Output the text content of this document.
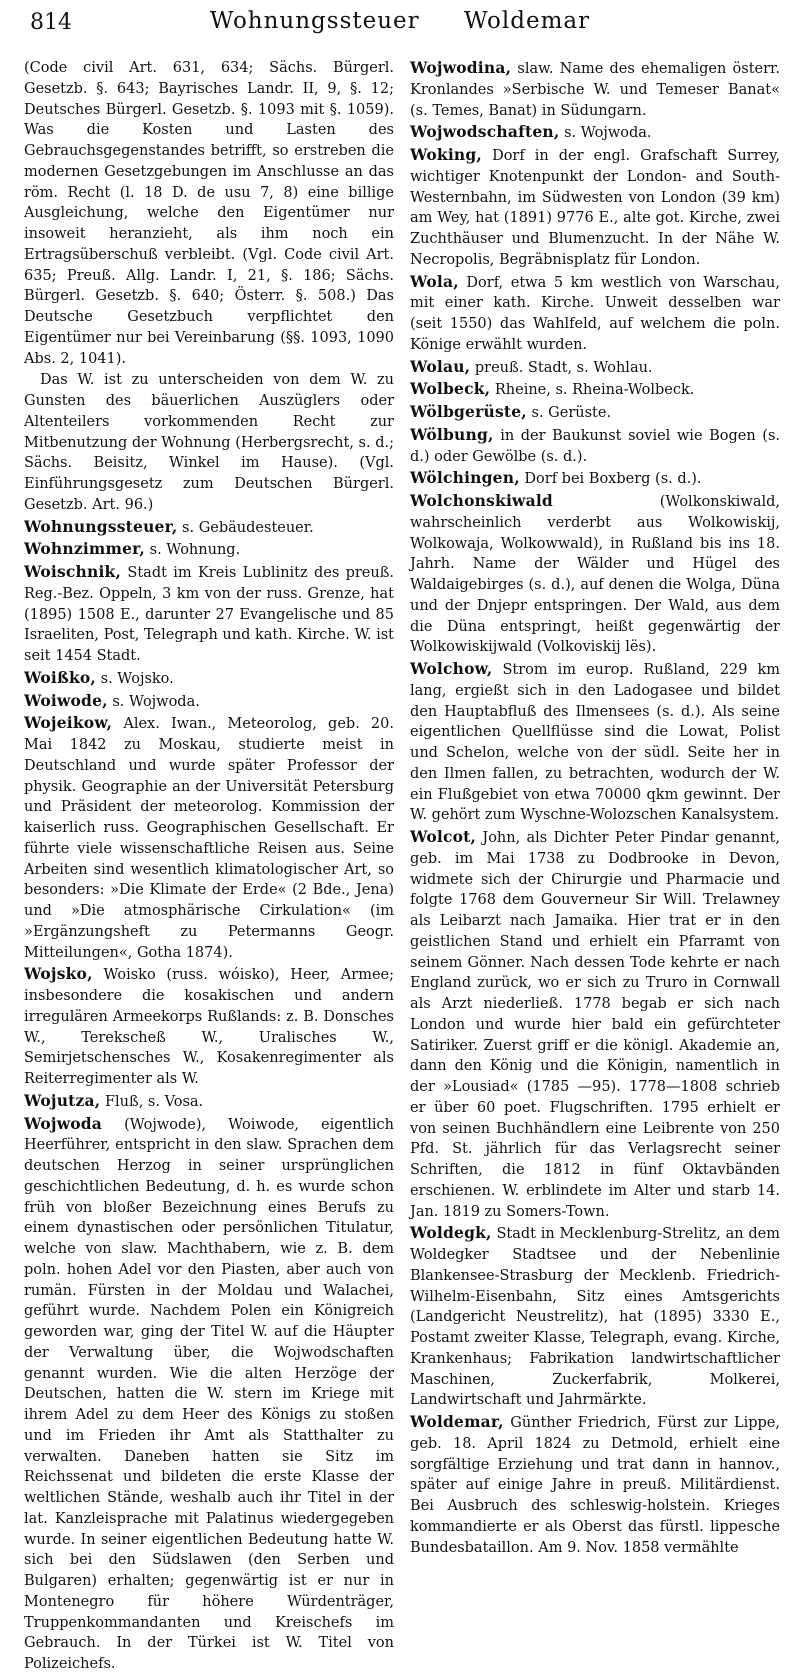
814	Wohnungssteuer Woldemar

(Code civil Art. 631, 634; Sächs. Bürgerl. Gesetzb. §. 643; Bayrisches Landr. II, 9, §. 12; Deutsches Bürgerl. Gesetzb. §. 1093 mit §. 1059). Was die Kosten und Lasten des Gebrauchsgegenstandes betrifft, so erstreben die modernen Gesetzgebungen im Anschlusse an das röm. Recht (l. 18 D. de usu 7, 8) eine billige Ausgleichung, welche den Eigentümer nur insoweit heranzieht, als ihm noch ein Ertragsüberschuß verbleibt. (Vgl. Code civil Art. 635; Preuß. Allg. Landr. I, 21, §. 186; Sächs. Bürgerl. Gesetzb. §. 640; Österr. §. 508.) Das Deutsche Gesetzbuch verpflichtet den Eigentümer nur bei Vereinbarung (§§. 1093, 1090 Abs. 2, 1041).

Das W. ist zu unterscheiden von dem W. zu Gunsten des bäuerlichen Auszüglers oder Altenteilers vorkommenden Recht zur Mitbenutzung der Wohnung (Herbergsrecht, s. d.; Sächs. Beisitz, Winkel im Hause). (Vgl. Einführungsgesetz zum Deutschen Bürgerl. Gesetzb. Art. 96.)

Wohnungssteuer, s. Gebäudesteuer.

Wohnzimmer, s. Wohnung.

Woischnik, Stadt im Kreis Lublinitz des preuß. Reg.-Bez. Oppeln, 3 km von der russ. Grenze, hat (1895) 1508 E., darunter 27 Evangelische und 85 Israeliten, Post, Telegraph und kath. Kirche. W. ist seit 1454 Stadt.

Woißko, s. Wojsko.

Woiwode, s. Wojwoda.

Wojeikow, Alex. Iwan., Meteorolog, geb. 20. Mai 1842 zu Moskau, studierte meist in Deutschland und wurde später Professor der physik. Geographie an der Universität Petersburg und Präsident der meteorolog. Kommission der kaiserlich russ. Geographischen Gesellschaft. Er führte viele wissenschaftliche Reisen aus. Seine Arbeiten sind wesentlich klimatologischer Art, so besonders: »Die Klimate der Erde« (2 Bde., Jena) und »Die atmosphärische Cirkulation« (im »Ergänzungsheft zu Petermanns Geogr. Mitteilungen«, Gotha 1874).

Wojsko, Woisko (russ. wóisko), Heer, Armee; insbesondere die kosakischen und andern irregulären Armeekorps Rußlands: z. B. Donsches W., Terekscheß W., Uralisches W., Semirjetschensches W., Kosakenregimenter als Reiterregimenter als W.

Wojutza, Fluß, s. Vosa.

Wojwoda (Wojwode), Woiwode, eigentlich Heerführer, entspricht in den slaw. Sprachen dem deutschen Herzog in seiner ursprünglichen geschichtlichen Bedeutung, d. h. es wurde schon früh von bloßer Bezeichnung eines Berufs zu einem dynastischen oder persönlichen Titulatur, welche von slaw. Machthabern, wie z. B. dem poln. hohen Adel vor den Piasten, aber auch von rumän. Fürsten in der Moldau und Walachei, geführt wurde. Nachdem Polen ein Königreich geworden war, ging der Titel W. auf die Häupter der Verwaltung über, die Wojwodschaften genannt wurden. Wie die alten Herzöge der Deutschen, hatten die W. stern im Kriege mit ihrem Adel zu dem Heer des Königs zu stoßen und im Frieden ihr Amt als Statthalter zu verwalten. Daneben hatten sie Sitz im Reichssenat und bildeten die erste Klasse der weltlichen Stände, weshalb auch ihr Titel in der lat. Kanzleisprache mit Palatinus wiedergegeben wurde. In seiner eigentlichen Bedeutung hatte W. sich bei den Südslawen (den Serben und Bulgaren) erhalten; gegenwärtig ist er nur in Montenegro für höhere Würdenträger, Truppenkommandanten und Kreischefs im Gebrauch. In der Türkei ist W. Titel von Polizeichefs.

Wojwodina, slaw. Name des ehemaligen österr. Kronlandes »Serbische W. und Temeser Banat« (s. Temes, Banat) in Südungarn.

Wojwodschaften, s. Wojwoda.

Woking, Dorf in der engl. Grafschaft Surrey, wichtiger Knotenpunkt der London- and South-Westernbahn, im Südwesten von London (39 km) am Wey, hat (1891) 9776 E., alte got. Kirche, zwei Zuchthäuser und Blumenzucht. In der Nähe W. Necropolis, Begräbnisplatz für London.

Wola, Dorf, etwa 5 km westlich von Warschau, mit einer kath. Kirche. Unweit desselben war (seit 1550) das Wahlfeld, auf welchem die poln. Könige erwählt wurden.

Wolau, preuß. Stadt, s. Wohlau.

Wolbeck, Rheine, s. Rheina-Wolbeck.

Wölbgerüste, s. Gerüste.

Wölbung, in der Baukunst soviel wie Bogen (s. d.) oder Gewölbe (s. d.).

Wölchingen, Dorf bei Boxberg (s. d.).

Wolchonskiwald	(Wolkonskiwald, wahrscheinlich verderbt aus Wolkowiskij, Wolkowaja, Wolkowwald), in Rußland bis ins 18. Jahrh. Name der Wälder und Hügel des Waldaigebirges (s. d.), auf denen die Wolga, Düna und der Dnjepr entspringen. Der Wald, aus dem die Düna entspringt, heißt gegenwärtig der Wolkowiskijwald (Volkoviskij lës).

Wolchow, Strom im europ. Rußland, 229 km lang, ergießt sich in den Ladogasee und bildet den Hauptabfluß des Ilmensees (s. d.). Als seine eigentlichen Quellflüsse sind die Lowat, Polist und Schelon, welche von der südl. Seite her in den Ilmen fallen, zu betrachten, wodurch der W. ein Flußgebiet von etwa 70000 qkm gewinnt. Der W. gehört zum Wyschne-Wolozschen Kanalsystem.

Wolcot, John, als Dichter Peter Pindar genannt, geb. im Mai 1738 zu Dodbrooke in Devon, widmete sich der Chirurgie und Pharmacie und folgte 1768 dem Gouverneur Sir Will. Trelawney als Leibarzt nach Jamaika. Hier trat er in den geistlichen Stand und erhielt ein Pfarramt von seinem Gönner. Nach dessen Tode kehrte er nach England zurück, wo er sich zu Truro in Cornwall als Arzt niederließ. 1778 begab er sich nach London und wurde hier bald ein gefürchteter Satiriker. Zuerst griff er die königl. Akademie an, dann den König und die Königin, namentlich in der »Lousiad« (1785 —95). 1778—1808 schrieb er über 60 poet. Flugschriften. 1795 erhielt er von seinen Buchhändlern eine Leibrente von 250 Pfd. St. jährlich für das Verlagsrecht seiner Schriften, die 1812 in fünf Oktavbänden erschienen. W. erblindete im Alter und starb 14. Jan. 1819 zu Somers-Town.

Woldegk, Stadt in Mecklenburg-Strelitz, an dem Woldegker Stadtsee und der Nebenlinie Blankensee-Strasburg der Mecklenb. Friedrich-Wilhelm-Eisenbahn, Sitz eines Amtsgerichts (Landgericht Neustrelitz), hat (1895) 3330 E., Postamt zweiter Klasse, Telegraph, evang. Kirche, Krankenhaus; Fabrikation landwirtschaftlicher Maschinen, Zuckerfabrik, Molkerei, Landwirtschaft und Jahrmärkte.

Woldemar, Günther Friedrich, Fürst zur Lippe, geb. 18. April 1824 zu Detmold, erhielt eine sorgfältige Erziehung und trat dann in hannov., später auf einige Jahre in preuß. Militärdienst. Bei Ausbruch des schleswig-holstein. Krieges kommandierte er als Oberst das fürstl. lippesche Bundesbataillon. Am 9. Nov. 1858 vermählte
